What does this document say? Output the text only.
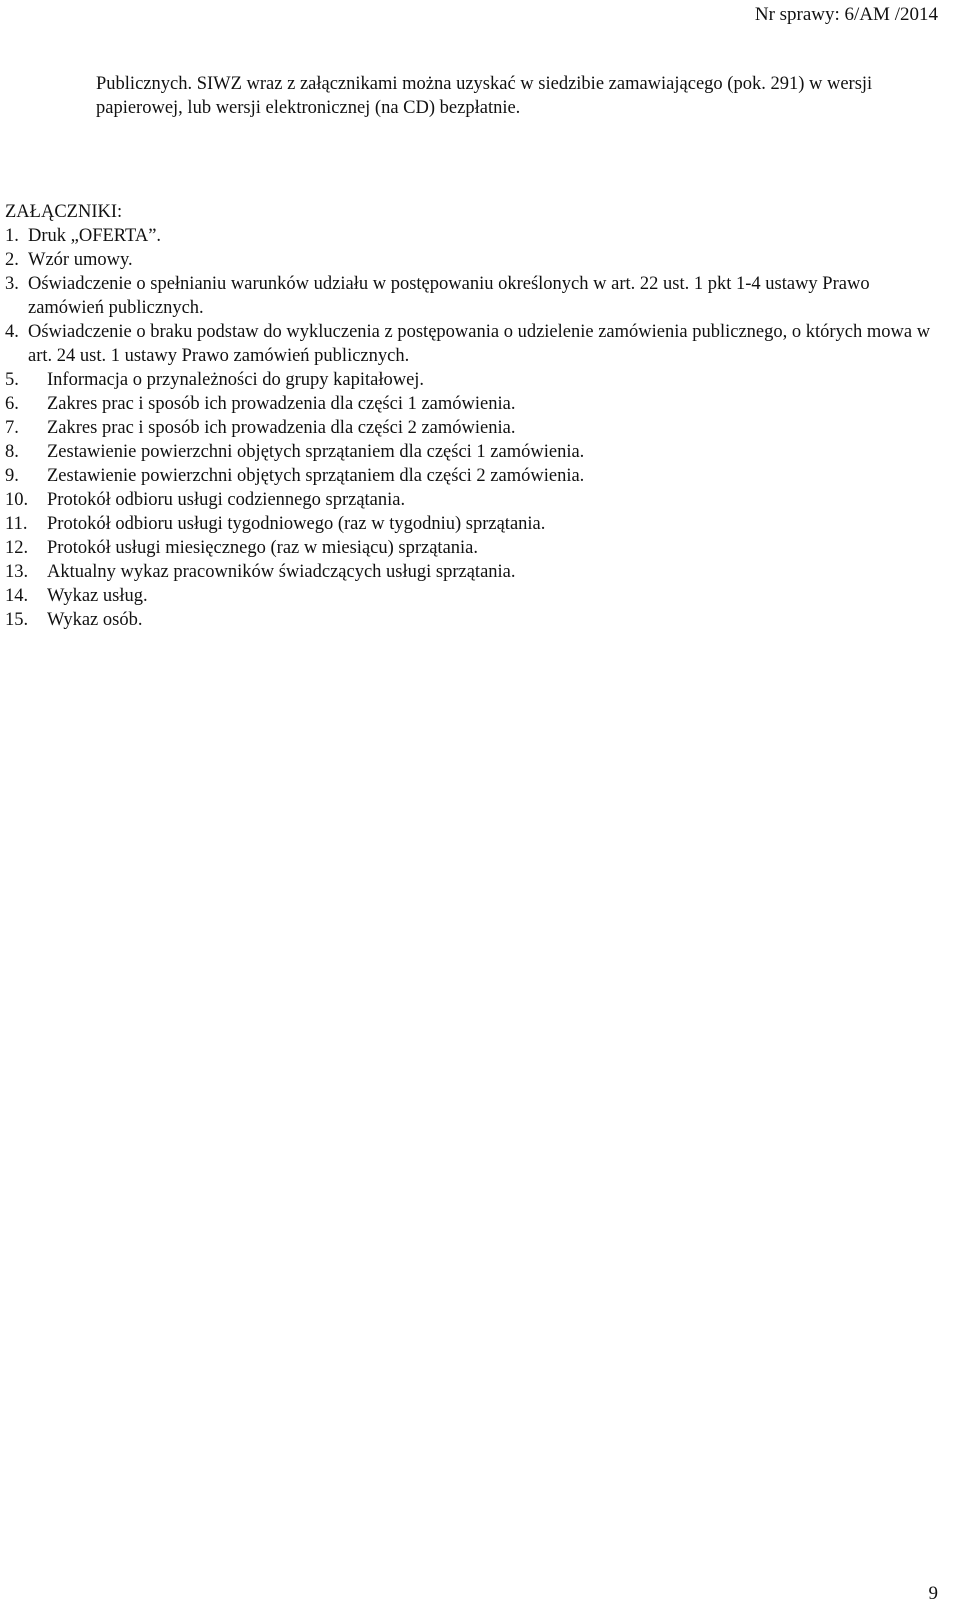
Nr sprawy: 6/AM /2014
Publicznych. SIWZ wraz z załącznikami można uzyskać w siedzibie zamawiającego (pok. 291) w wersji papierowej, lub wersji elektronicznej (na CD) bezpłatnie.
ZAŁĄCZNIKI:
1. Druk „OFERTA”.
2. Wzór umowy.
3. Oświadczenie o spełnianiu warunków udziału w postępowaniu określonych w art. 22 ust. 1 pkt 1-4 ustawy Prawo zamówień publicznych.
4. Oświadczenie o braku podstaw do wykluczenia z postępowania o udzielenie zamówienia publicznego, o których mowa w art. 24 ust. 1 ustawy Prawo zamówień publicznych.
5.	Informacja o przynależności do grupy kapitałowej.
6.	Zakres prac i sposób ich prowadzenia dla części 1 zamówienia.
7.	Zakres prac i sposób ich prowadzenia dla części 2 zamówienia.
8.	Zestawienie powierzchni objętych sprzątaniem dla części 1 zamówienia.
9.	Zestawienie powierzchni objętych sprzątaniem dla części 2 zamówienia.
10.	Protokół odbioru usługi codziennego sprzątania.
11.	Protokół odbioru usługi tygodniowego (raz w tygodniu) sprzątania.
12.	Protokół usługi miesięcznego (raz w miesiącu) sprzątania.
13.	Aktualny wykaz pracowników świadczących usługi sprzątania.
14.	Wykaz usług.
15.	Wykaz osób.
9
